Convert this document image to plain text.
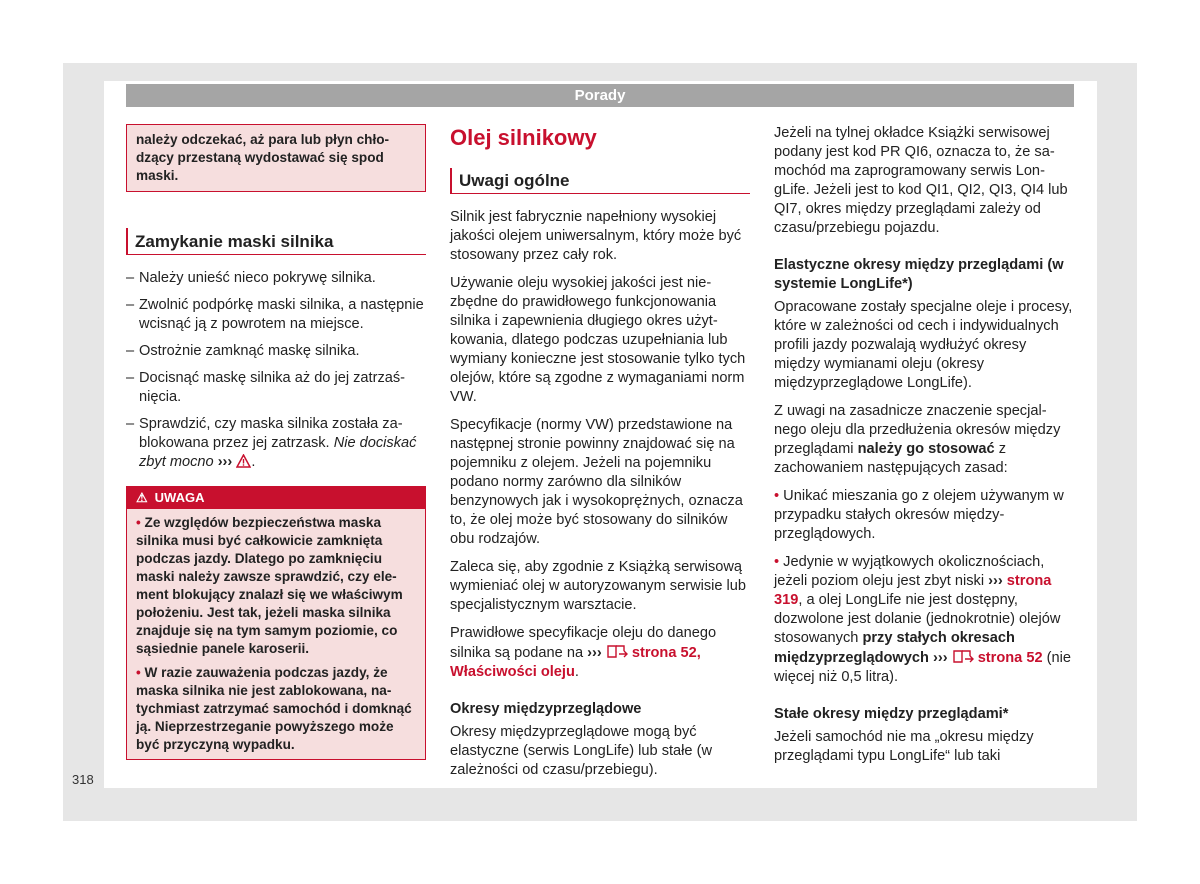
Porady
należy odczekać, aż para lub płyn chłodzący przestaną wydostawać się spod maski.
Zamykanie maski silnika
– Należy unieść nieco pokrywę silnika.
– Zwolnić podpórkę maski silnika, a następnie wcisnąć ją z powrotem na miejsce.
– Ostrożnie zamknąć maskę silnika.
– Docisnąć maskę silnika aż do jej zatrzaśnięcia.
– Sprawdzić, czy maska silnika została zablokowana przez jej zatrzask. Nie dociskać zbyt mocno ››› .
⚠ UWAGA

• Ze względów bezpieczeństwa maska silnika musi być całkowicie zamknięta podczas jazdy. Dlatego po zamknięciu maski należy zawsze sprawdzić, czy element blokujący znalazł się we właściwym położeniu. Jest tak, jeżeli maska silnika znajduje się na tym samym poziomie, co sąsiednie panele karoserii.

• W razie zauważenia podczas jazdy, że maska silnika nie jest zablokowana, natychmiast zatrzymać samochód i domknąć ją. Nieprzestrzeganie powyższego może być przyczyną wypadku.

Olej silnikowy
Uwagi ogólne

Silnik jest fabrycznie napełniony wysokiej jakości olejem uniwersalnym, który może być stosowany przez cały rok.

Używanie oleju wysokiej jakości jest niezbędne do prawidłowego funkcjonowania silnika i zapewnienia długiego okres użytkowania, dlatego podczas uzupełniania lub wymiany konieczne jest stosowanie tylko tych olejów, które są zgodne z wymaganiami norm VW.

Specyfikacje (normy VW) przedstawione na następnej stronie powinny znajdować się na pojemniku z olejem. Jeżeli na pojemniku podano normy zarówno dla silników benzynowych jak i wysokoprężnych, oznacza to, że olej może być stosowany do silników obu rodzajów.

Zaleca się, aby zgodnie z Książką serwisową wymieniać olej w autoryzowanym serwisie lub specjalistycznym warsztacie.

Prawidłowe specyfikacje oleju do danego silnika są podane na ››› strona 52, Właściwości oleju.

Okresy międzyprzeglądowe

Okresy międzyprzeglądowe mogą być elastyczne (serwis LongLife) lub stałe (w zależności od czasu/przebiegu).

Jeżeli na tylnej okładce Książki serwisowej podany jest kod PR QI6, oznacza to, że samochód ma zaprogramowany serwis LongLife. Jeżeli jest to kod QI1, QI2, QI3, QI4 lub QI7, okres między przeglądami zależy od czasu/przebiegu pojazdu.

Elastyczne okresy między przeglądami (w systemie LongLife*)

Opracowane zostały specjalne oleje i procesy, które w zależności od cech i indywidualnych profili jazdy pozwalają wydłużyć okresy między wymianami oleju (okresy międzyprzeglądowe LongLife).

Z uwagi na zasadnicze znaczenie specjalnego oleju dla przedłużenia okresów między przeglądami należy go stosować z zachowaniem następujących zasad:

• Unikać mieszania go z olejem używanym w przypadku stałych okresów międzyprzeglądowych.

• Jedynie w wyjątkowych okolicznościach, jeżeli poziom oleju jest zbyt niski ››› strona 319, a olej LongLife nie jest dostępny, dozwolone jest dolanie (jednokrotnie) olejów stosowanych przy stałych okresach międzyprzeglądowych ››› strona 52 (nie więcej niż 0,5 litra).

Stałe okresy między przeglądami*

Jeżeli samochód nie ma „okresu między przeglądami typu LongLife“ lub taki

318
